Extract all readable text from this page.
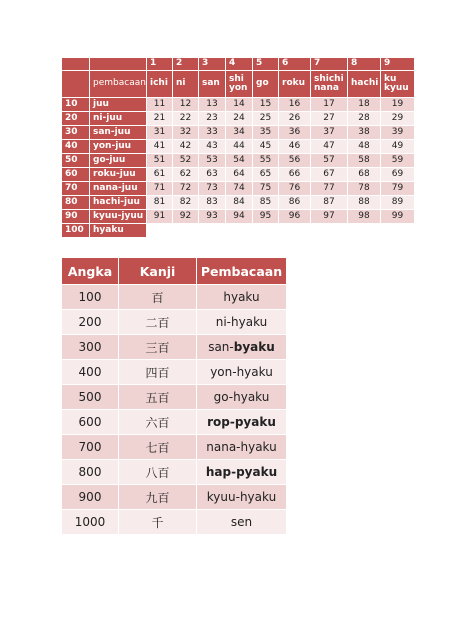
		1	2	3	4	5	6	7	8	9
	pembacaan	ichi	ni	san	shi yon	go	roku	shichi nana	hachi	ku kyuu
10	juu	11	12	13	14	15	16	17	18	19
20	ni-juu	21	22	23	24	25	26	27	28	29
30	san-juu	31	32	33	34	35	36	37	38	39
40	yon-juu	41	42	43	44	45	46	47	48	49
50	go-juu	51	52	53	54	55	56	57	58	59
60	roku-juu	61	62	63	64	65	66	67	68	69
70	nana-juu	71	72	73	74	75	76	77	78	79
80	hachi-juu	81	82	83	84	85	86	87	88	89
90	kyuu-jyuu	91	92	93	94	95	96	97	98	99
100	hyaku									
Angka	Kanji	Pembacaan
100	百	hyaku
200	二百	ni-hyaku
300	三百	san-byaku
400	四百	yon-hyaku
500	五百	go-hyaku
600	六百	rop-pyaku
700	七百	nana-hyaku
800	八百	hap-pyaku
900	九百	kyuu-hyaku
1000	千	sen
